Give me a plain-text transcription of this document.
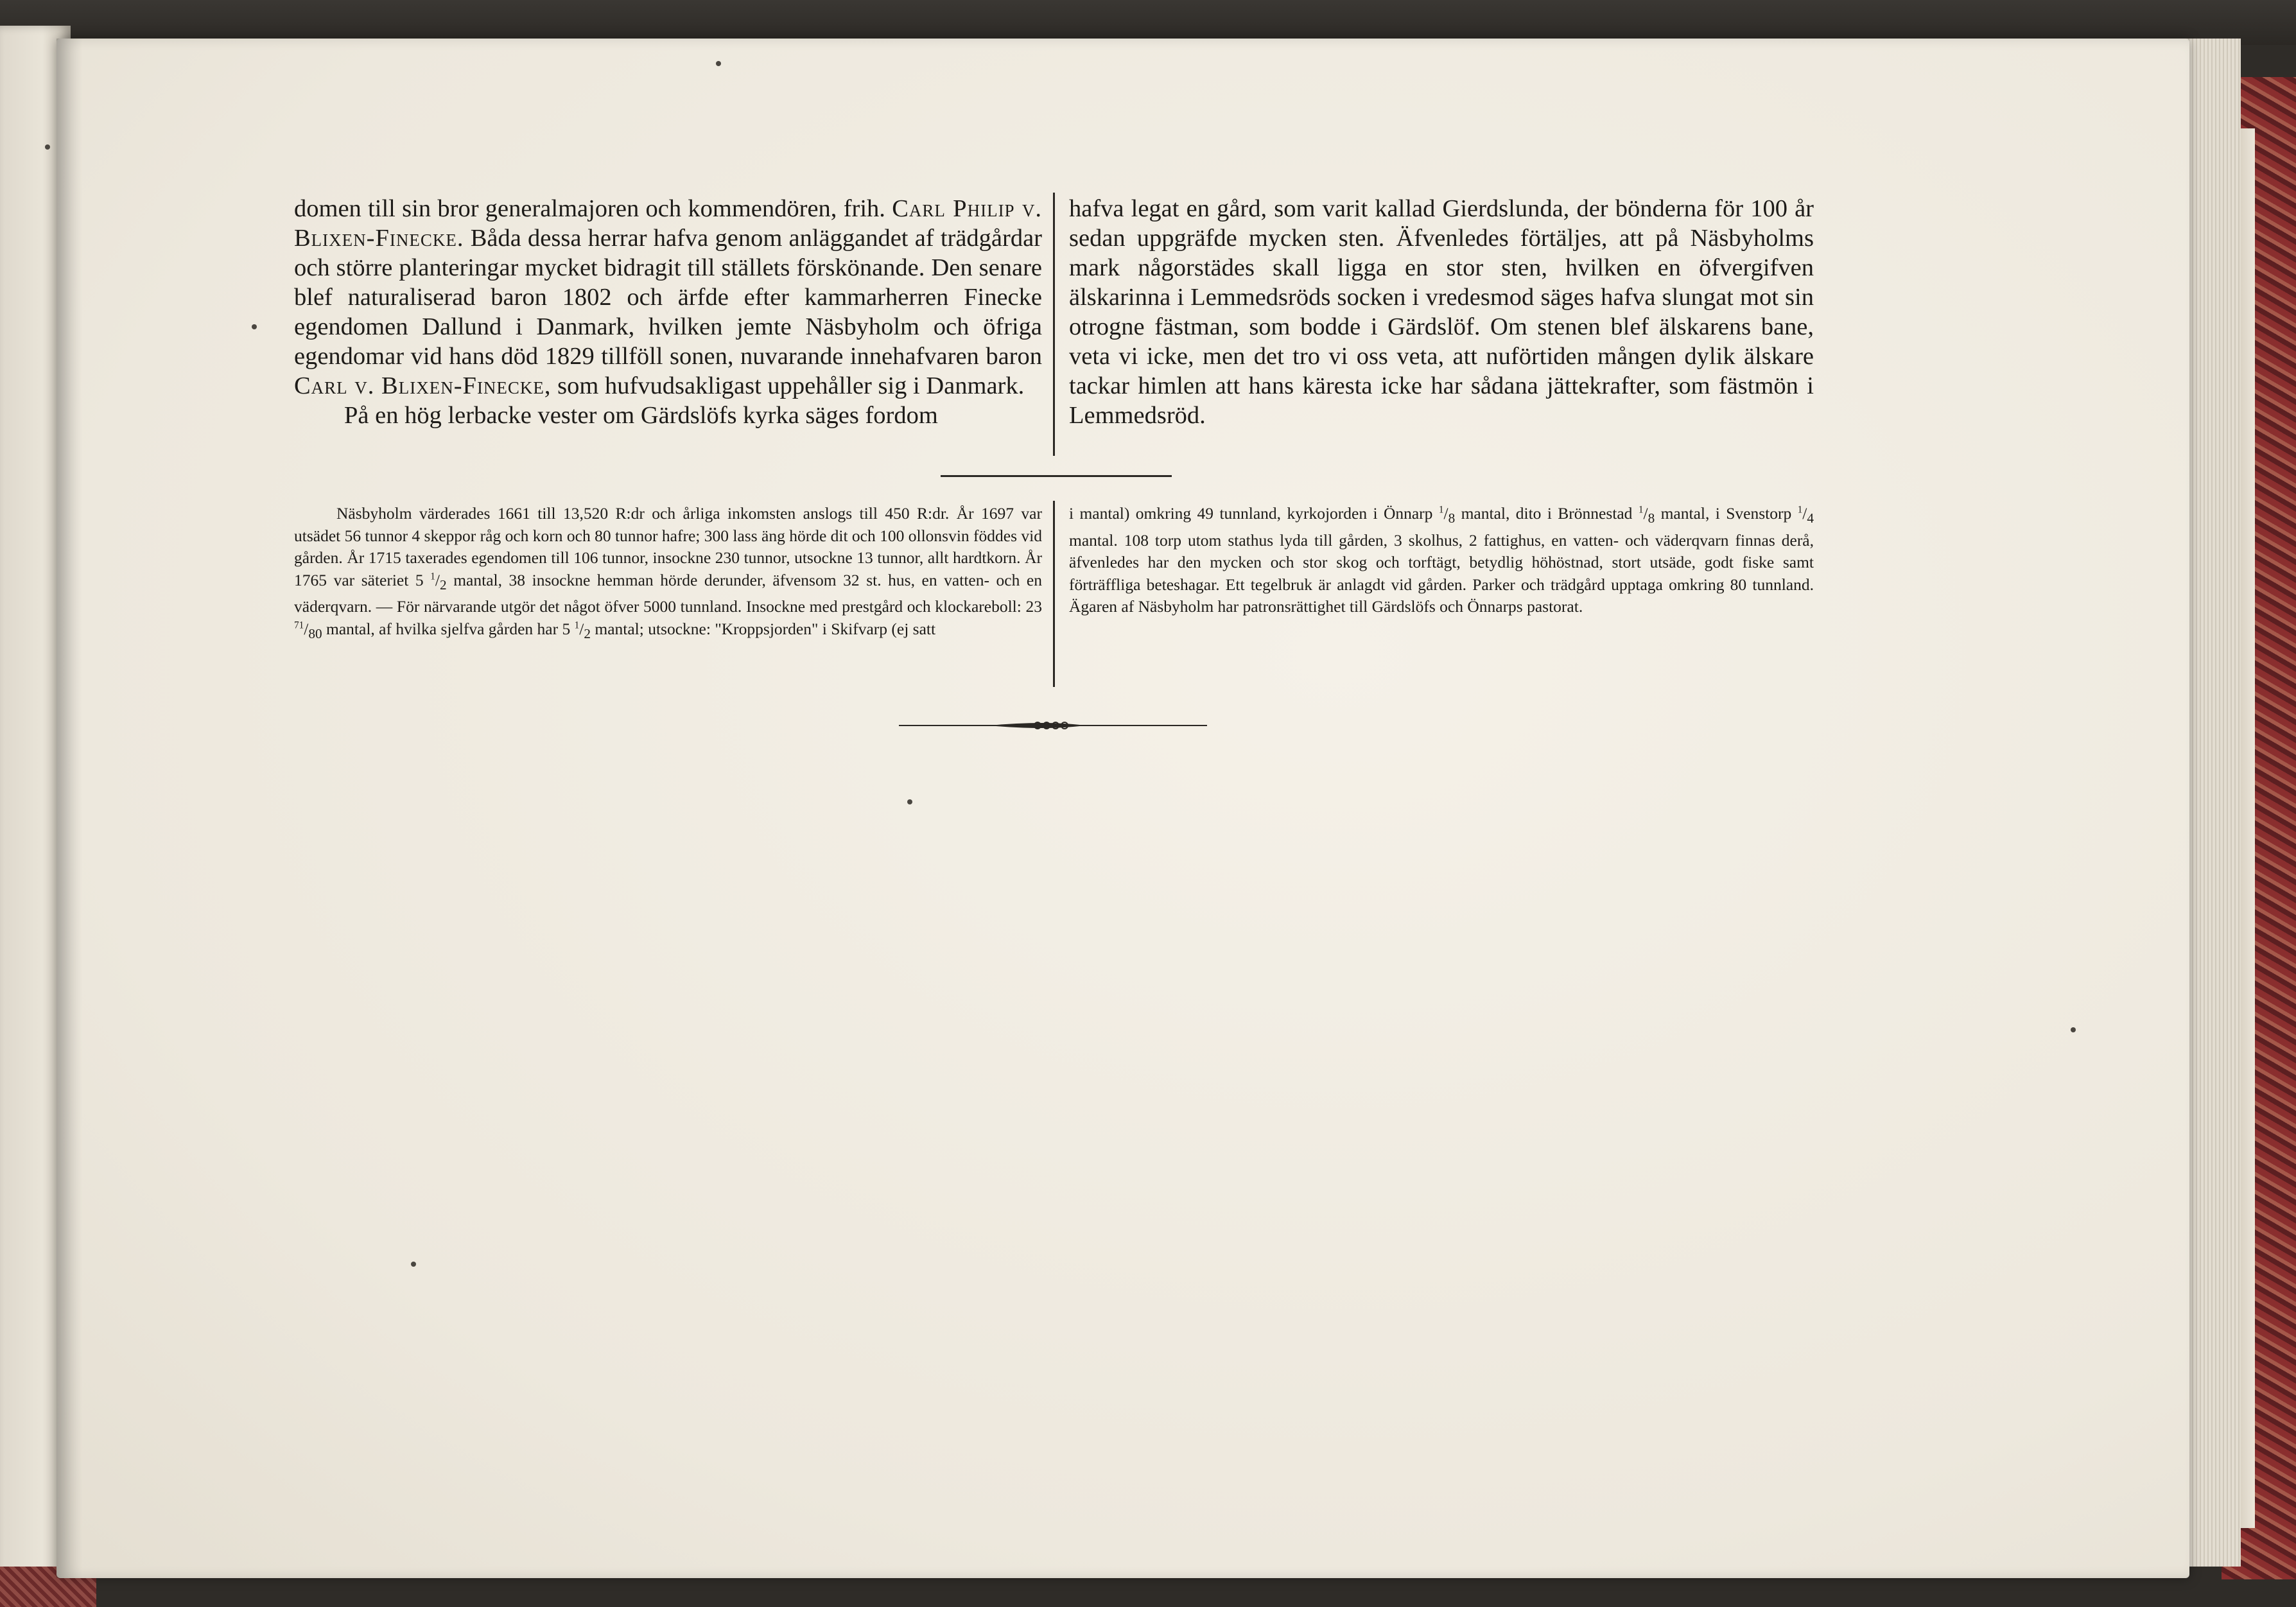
domen till sin bror generalmajoren och kommendören, frih. Carl Philip v. Blixen-Finecke. Båda dessa herrar hafva genom anläggandet af trädgårdar och större planteringar mycket bidragit till ställets förskönande. Den senare blef naturaliserad baron 1802 och ärfde efter kammarherren Finecke egendomen Dallund i Danmark, hvilken jemte Näsbyholm och öfriga egendomar vid hans död 1829 tillföll sonen, nuvarande innehafvaren baron Carl v. Blixen-Finecke, som hufvudsakligast uppehåller sig i Danmark.

På en hög lerbacke vester om Gärdslöfs kyrka säges fordom

hafva legat en gård, som varit kallad Gierdslunda, der bönderna för 100 år sedan uppgräfde mycken sten. Äfvenledes förtäljes, att på Näsbyholms mark någorstädes skall ligga en stor sten, hvilken en öfvergifven älskarinna i Lemmedsröds socken i vredesmod säges hafva slungat mot sin otrogne fästman, som bodde i Gärdslöf. Om stenen blef älskarens bane, veta vi icke, men det tro vi oss veta, att nuförtiden mången dylik älskare tackar himlen att hans käresta icke har sådana jättekrafter, som fästmön i Lemmedsröd.

Näsbyholm värderades 1661 till 13,520 R:dr och årliga inkomsten anslogs till 450 R:dr. År 1697 var utsädet 56 tunnor 4 skeppor råg och korn och 80 tunnor hafre; 300 lass äng hörde dit och 100 ollonsvin föddes vid gården. År 1715 taxerades egendomen till 106 tunnor, insockne 230 tunnor, utsockne 13 tunnor, allt hardtkorn. År 1765 var säteriet 5 $^1/_2$ mantal, 38 insockne hemman hörde derunder, äfvensom 32 st. hus, en vatten- och en väderqvarn. — För närvarande utgör det något öfver 5000 tunnland. Insockne med prestgård och klockareboll: 23 $^{71}/_{80}$ mantal, af hvilka sjelfva gården har 5 $^1/_2$ mantal; utsockne: "Kroppsjorden" i Skifvarp (ej satt

i mantal) omkring 49 tunnland, kyrkojorden i Önnarp $^1/_8$ mantal, dito i Brönnestad $^1/_8$ mantal, i Svenstorp $^1/_4$ mantal. 108 torp utom stathus lyda till gården, 3 skolhus, 2 fattighus, en vatten- och väderqvarn finnas derå, äfvenledes har den mycken och stor skog och torftägt, betydlig höhöstnad, stort utsäde, godt fiske samt förträffliga beteshagar. Ett tegelbruk är anlagdt vid gården. Parker och trädgård upptaga omkring 80 tunnland. Ägaren af Näsbyholm har patronsrättighet till Gärdslöfs och Önnarps pastorat.
